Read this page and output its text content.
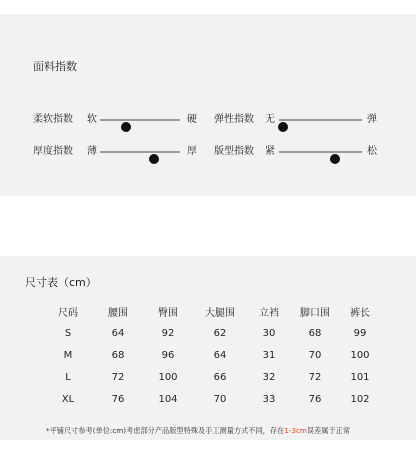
面料指数
柔软指数 软	硬 弹性指数 无	弹
厚度指数 薄	厚 版型指数 紧	松
尺寸表（cm）
尺码	腰围	臀围	大腿围	立裆	脚口围	裤长
S	64	92	62	30	68	99
M	68	96	64	31	70	100
L	72	100	66	32	72	101
XL	76	104	70	33	76	102
*平铺尺寸参考(单位:cm)考虑部分产品版型特殊及手工测量方式不同，存在1-3cm误差属于正常
